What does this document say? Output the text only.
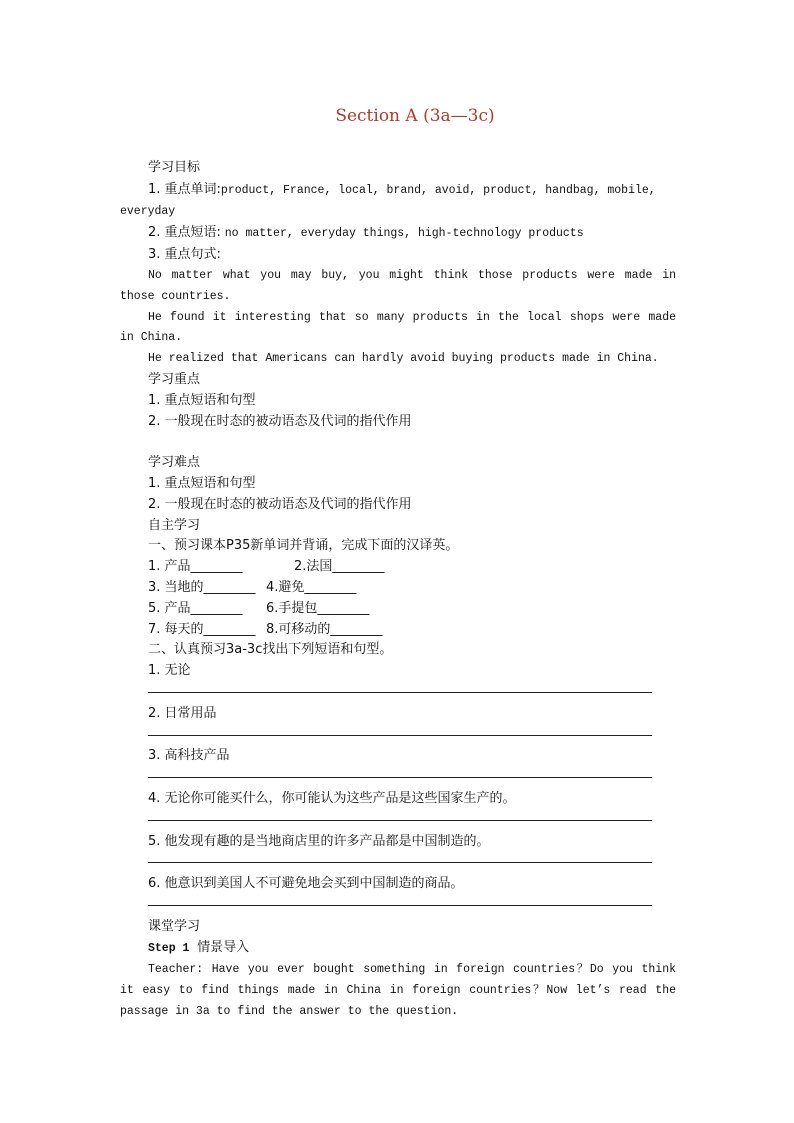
Section A (3a—3c)

学习目标

1. 重点单词:product, France, local, brand, avoid, product, handbag, mobile,

everyday

2. 重点短语: no matter, everyday things, high-technology products

3. 重点句式:

No matter what you may buy, you might think those products were made in those countries.

He found it interesting that so many products in the local shops were made in China.

He realized that Americans can hardly avoid buying products made in China.

学习重点

1. 重点短语和句型

2. 一般现在时态的被动语态及代词的指代作用

学习难点

1. 重点短语和句型

2. 一般现在时态的被动语态及代词的指代作用

自主学习

一、预习课本P35新单词并背诵，完成下面的汉译英。

1. 产品________	2.法国________

3. 当地的________ 4.避免________

5. 产品________ 6.手提包________

7. 每天的________ 8.可移动的________

二、认真预习3a-3c找出下列短语和句型。

1. 无论

2. 日常用品

3. 高科技产品

4. 无论你可能买什么，你可能认为这些产品是这些国家生产的。

5. 他发现有趣的是当地商店里的许多产品都是中国制造的。

6. 他意识到美国人不可避免地会买到中国制造的商品。

课堂学习

Step 1 情景导入

Teacher: Have you ever bought something in foreign countries？Do you think it easy to find things made in China in foreign countries？Now let’s read the passage in 3a to find the answer to the question.
